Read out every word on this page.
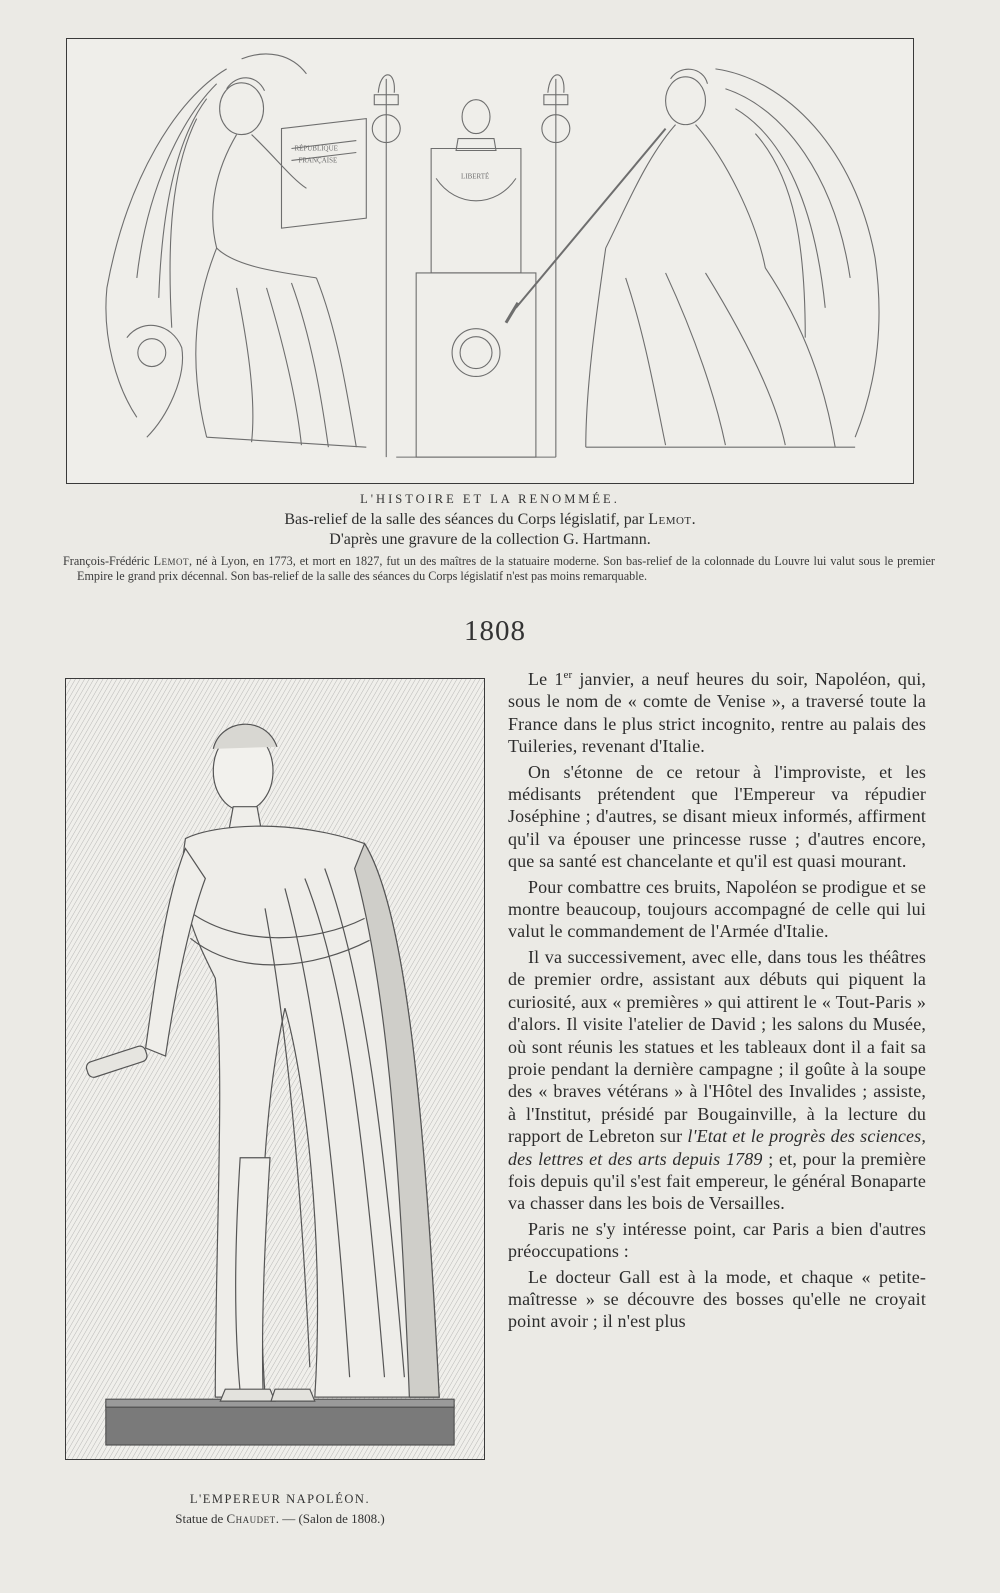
RÉPUBLIQUE
FRANÇAISE
LIBERTÉ
L'HISTOIRE ET LA RENOMMÉE.
Bas-relief de la salle des séances du Corps législatif, par Lemot.
D'après une gravure de la collection G. Hartmann.

François-Frédéric Lemot, né à Lyon, en 1773, et mort en 1827, fut un des maîtres de la statuaire moderne. Son bas-relief de la colonnade du Louvre lui valut sous le premier Empire le grand prix décennal. Son bas-relief de la salle des séances du Corps législatif n'est pas moins remarquable.

1808
L'EMPEREUR NAPOLÉON.
Statue de Chaudet. — (Salon de 1808.)

Le 1er janvier, a neuf heures du soir, Napoléon, qui, sous le nom de « comte de Venise », a traversé toute la France dans le plus strict incognito, rentre au palais des Tuileries, revenant d'Italie.

On s'étonne de ce retour à l'improviste, et les médisants prétendent que l'Empereur va répudier Joséphine ; d'autres, se disant mieux informés, affirment qu'il va épouser une princesse russe ; d'autres encore, que sa santé est chancelante et qu'il est quasi mourant.

Pour combattre ces bruits, Napoléon se prodigue et se montre beaucoup, toujours accompagné de celle qui lui valut le commandement de l'Armée d'Italie.

Il va successivement, avec elle, dans tous les théâtres de premier ordre, assistant aux débuts qui piquent la curiosité, aux « premières » qui attirent le « Tout-Paris » d'alors. Il visite l'atelier de David ; les salons du Musée, où sont réunis les statues et les tableaux dont il a fait sa proie pendant la dernière campagne ; il goûte à la soupe des « braves vétérans » à l'Hôtel des Invalides ; assiste, à l'Institut, présidé par Bougainville, à la lecture du rapport de Lebreton sur l'Etat et le progrès des sciences, des lettres et des arts depuis 1789 ; et, pour la première fois depuis qu'il s'est fait empereur, le général Bonaparte va chasser dans les bois de Versailles.

Paris ne s'y intéresse point, car Paris a bien d'autres préoccupations :

Le docteur Gall est à la mode, et chaque « petite-maîtresse » se découvre des bosses qu'elle ne croyait point avoir ; il n'est plus
